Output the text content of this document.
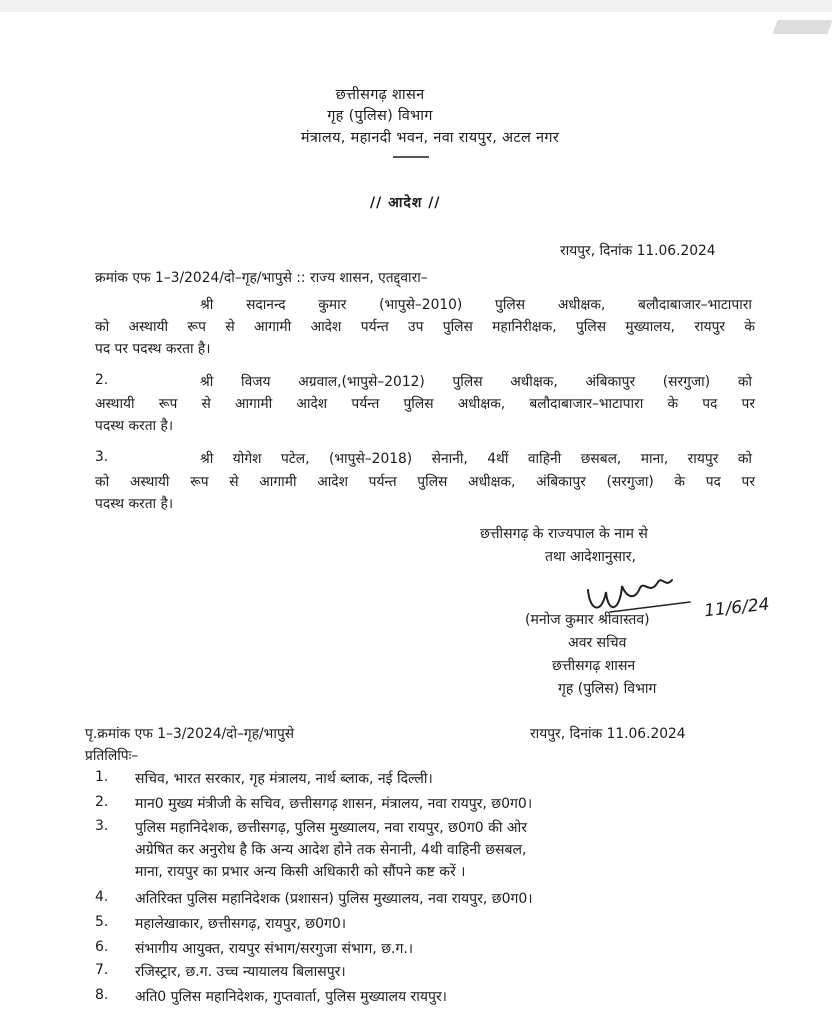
छत्तीसगढ़ शासन
गृह (पुलिस) विभाग
मंत्रालय, महानदी भवन, नवा रायपुर, अटल नगर
// आदेश //
रायपुर, दिनांक 11.06.2024
क्रमांक एफ 1–3/2024/दो–गृह/भापुसे :: राज्य शासन, एतद्द्वारा–
श्री सदानन्द कुमार (भापुसे–2010) पुलिस अधीक्षक, बलौदाबाजार–भाटापारा
को अस्थायी रूप से आगामी आदेश पर्यन्त उप पुलिस महानिरीक्षक, पुलिस मुख्यालय, रायपुर के
पद पर पदस्थ करता है।
2.	श्री विजय अग्रवाल,(भापुसे–2012) पुलिस अधीक्षक, अंबिकापुर (सरगुजा) को
अस्थायी रूप से आगामी आदेश पर्यन्त पुलिस अधीक्षक, बलौदाबाजार–भाटापारा के पद पर
पदस्थ करता है।
3.	श्री योगेश पटेल, (भापुसे–2018) सेनानी, 4थीं वाहिनी छसबल, माना, रायपुर को
को अस्थायी रूप से आगामी आदेश पर्यन्त पुलिस अधीक्षक, अंबिकापुर (सरगुजा) के पद पर
पदस्थ करता है।
छत्तीसगढ़ के राज्यपाल के नाम से
तथा आदेशानुसार,
11/6/24
(मनोज कुमार श्रीवास्तव)
अवर सचिव
छत्तीसगढ़ शासन
गृह (पुलिस) विभाग
पृ.क्रमांक एफ 1–3/2024/दो–गृह/भापुसे	रायपुर, दिनांक 11.06.2024
प्रतिलिपिः–
1.	सचिव, भारत सरकार, गृह मंत्रालय, नार्थ ब्लाक, नई दिल्ली।
2.	मान0 मुख्य मंत्रीजी के सचिव, छत्तीसगढ़ शासन, मंत्रालय, नवा रायपुर, छ0ग0।
3.	पुलिस महानिदेशक, छत्तीसगढ़, पुलिस मुख्यालय, नवा रायपुर, छ0ग0 की ओर
अग्रेषित कर अनुरोध है कि अन्य आदेश होने तक सेनानी, 4थी वाहिनी छसबल,
माना, रायपुर का प्रभार अन्य किसी अधिकारी को सौंपने कष्ट करें ।
4.	अतिरिक्त पुलिस महानिदेशक (प्रशासन) पुलिस मुख्यालय, नवा रायपुर, छ0ग0।
5.	महालेखाकार, छत्तीसगढ़, रायपुर, छ0ग0।
6.	संभागीय आयुक्त, रायपुर संभाग/सरगुजा संभाग, छ.ग.।
7.	रजिस्ट्रार, छ.ग. उच्च न्यायालय बिलासपुर।
8.	अति0 पुलिस महानिदेशक, गुप्तवार्ता, पुलिस मुख्यालय रायपुर।
